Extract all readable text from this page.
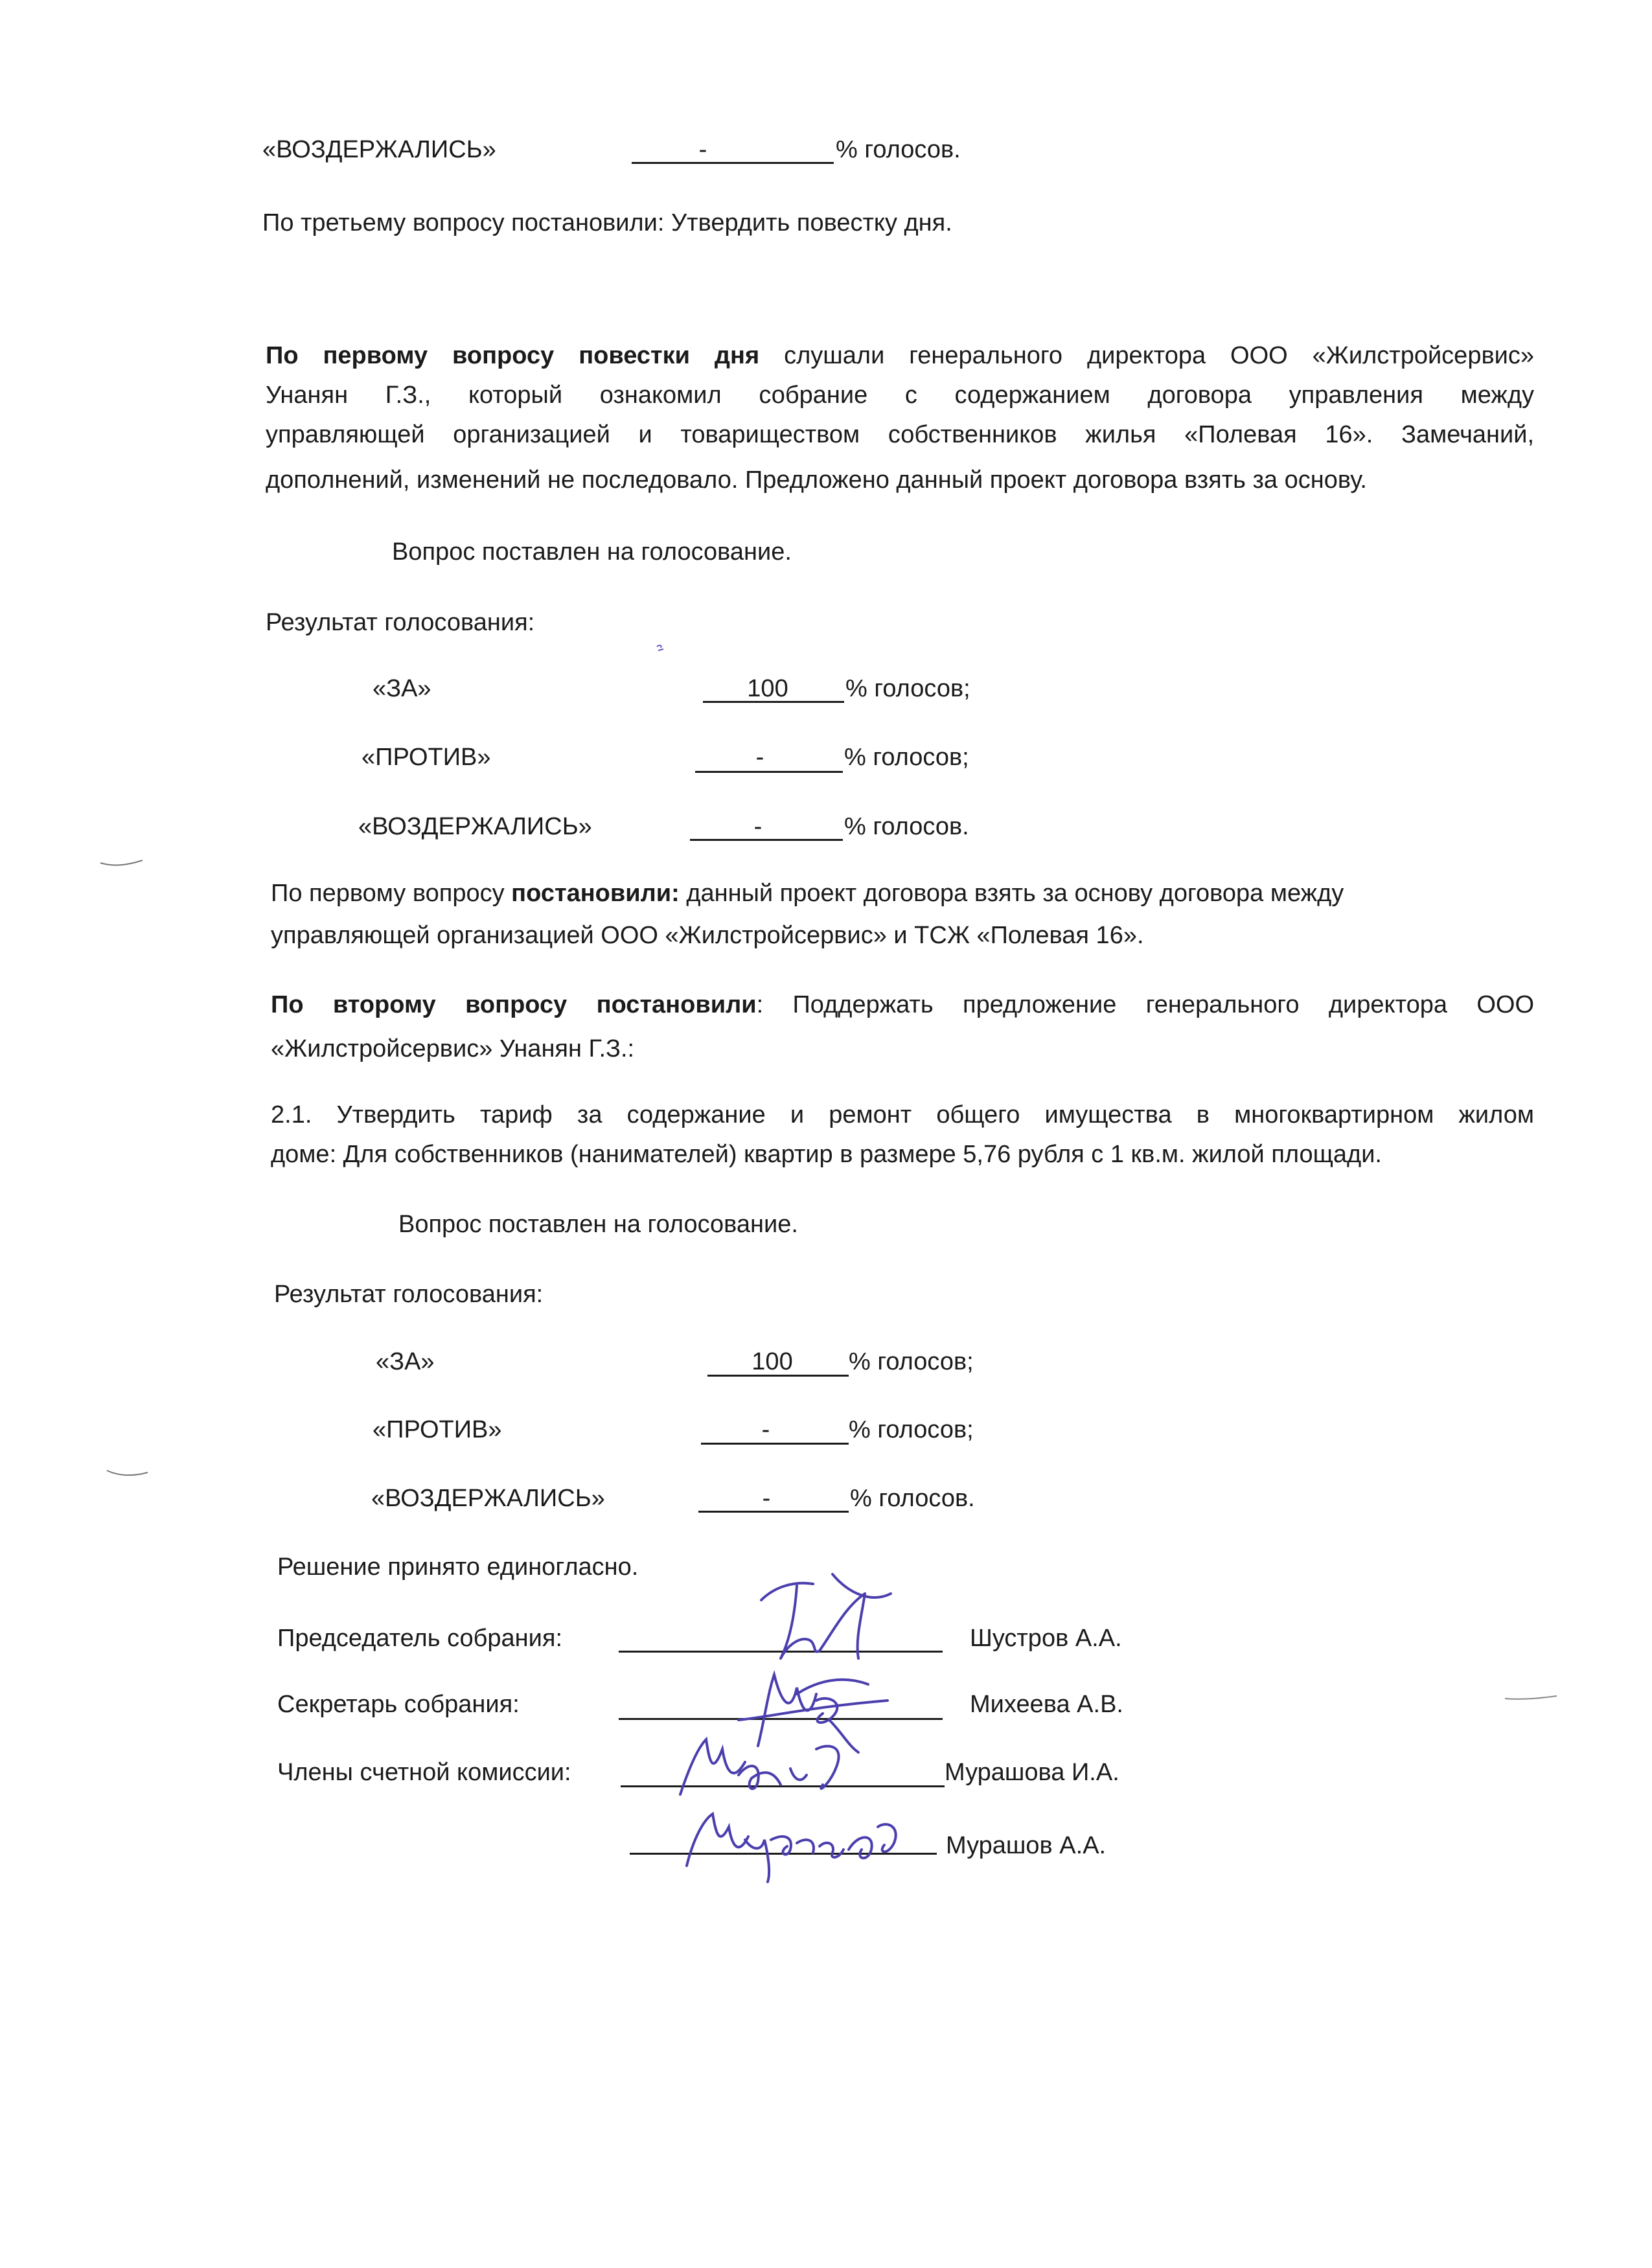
«ВОЗДЕРЖАЛИСЬ»	-	% голосов.
По третьему вопросу постановили: Утвердить повестку дня.
По первому вопросу повестки дня слушали генерального директора ООО «Жилстройсервис»
Унанян Г.З., который ознакомил собрание с содержанием договора управления между
управляющей организацией и товариществом собственников жилья «Полевая 16». Замечаний,
дополнений, изменений не последовало. Предложено данный проект договора взять за основу.
Вопрос поставлен на голосование.
Результат голосования:
«ЗА»	100	% голосов;
«ПРОТИВ»	-	% голосов;
«ВОЗДЕРЖАЛИСЬ»	-	% голосов.
По первому вопросу постановили: данный проект договора взять за основу договора между
управляющей организацией ООО «Жилстройсервис» и ТСЖ «Полевая 16».
По второму вопросу постановили: Поддержать предложение генерального директора ООО
«Жилстройсервис» Унанян Г.З.:
2.1. Утвердить тариф за содержание и ремонт общего имущества в многоквартирном жилом
доме: Для собственников (нанимателей) квартир в размере 5,76 рубля с 1 кв.м. жилой площади.
Вопрос поставлен на голосование.
Результат голосования:
«ЗА»	100	% голосов;
«ПРОТИВ»	-	% голосов;
«ВОЗДЕРЖАЛИСЬ»	-	% голосов.
Решение принято единогласно.
Председатель собрания:	Шустров А.А.
Секретарь собрания:	Михеева А.В.
Члены счетной комиссии:	Мурашова И.А.
Мурашов А.А.
